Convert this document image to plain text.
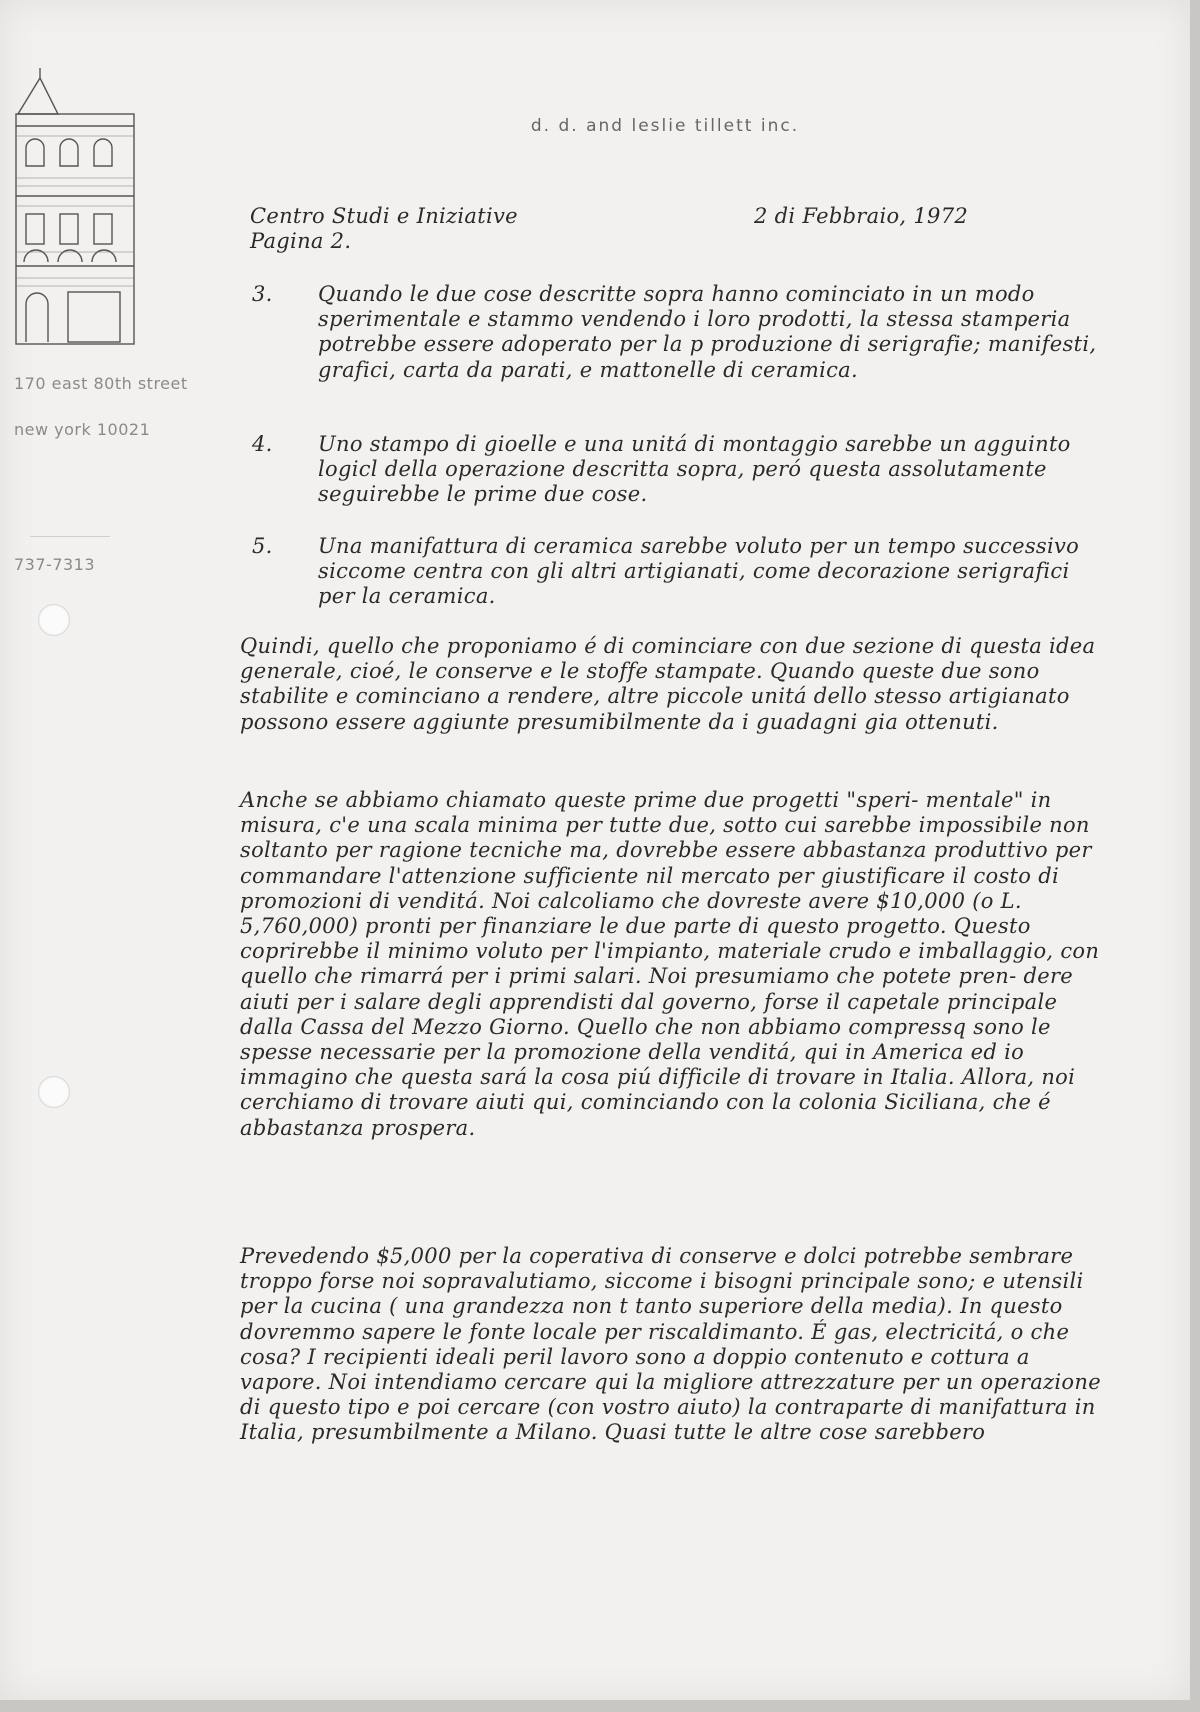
d. d. and leslie tillett inc.
170 east 80th street
new york 10021
737-7313
Centro Studi e Iniziative
Pagina 2.
2 di Febbraio, 1972
3. Quando le due cose descritte sopra hanno cominciato in un modo sperimentale e stammo vendendo i loro prodotti, la stessa stamperia potrebbe essere adoperato per la p produzione di serigrafie; manifesti, grafici, carta da parati, e mattonelle di ceramica.
4. Uno stampo di gioelle e una unitá di montaggio sarebbe un agguinto logicl della operazione descritta sopra, peró questa assolutamente seguirebbe le prime due cose.
5. Una manifattura di ceramica sarebbe voluto per un tempo successivo siccome centra con gli altri artigianati, come decorazione serigrafici per la ceramica.
Quindi, quello che proponiamo é di cominciare con due sezione di questa idea generale, cioé, le conserve e le stoffe stampate. Quando queste due sono stabilite e cominciano a rendere, altre piccole unitá dello stesso artigianato possono essere aggiunte presumibilmente da i guadagni gia ottenuti.
Anche se abbiamo chiamato queste prime due progetti "speri- mentale" in misura, c'e una scala minima per tutte due, sotto cui sarebbe impossibile non soltanto per ragione tecniche ma, dovrebbe essere abbastanza produttivo per commandare l'attenzione sufficiente nil mercato per giustificare il costo di promozioni di venditá. Noi calcoliamo che dovreste avere $10,000 (o L. 5,760,000) pronti per finanziare le due parte di questo progetto. Questo coprirebbe il minimo voluto per l'impianto, materiale crudo e imballaggio, con quello che rimarrá per i primi salari. Noi presumiamo che potete pren- dere aiuti per i salare degli apprendisti dal governo, forse il capetale principale dalla Cassa del Mezzo Giorno. Quello che non abbiamo compressq sono le spesse necessarie per la promozione della venditá, qui in America ed io immagino che questa sará la cosa piú difficile di trovare in Italia. Allora, noi cerchiamo di trovare aiuti qui, cominciando con la colonia Siciliana, che é abbastanza prospera.
Prevedendo $5,000 per la coperativa di conserve e dolci potrebbe sembrare troppo forse noi sopravalutiamo, siccome i bisogni principale sono; e utensili per la cucina ( una grandezza non t tanto superiore della media). In questo dovremmo sapere le fonte locale per riscaldimanto. É gas, electricitá, o che cosa? I recipienti ideali peril lavoro sono a doppio contenuto e cottura a vapore. Noi intendiamo cercare qui la migliore attrezzature per un operazione di questo tipo e poi cercare (con vostro aiuto) la contraparte di manifattura in Italia, presumbilmente a Milano. Quasi tutte le altre cose sarebbero
